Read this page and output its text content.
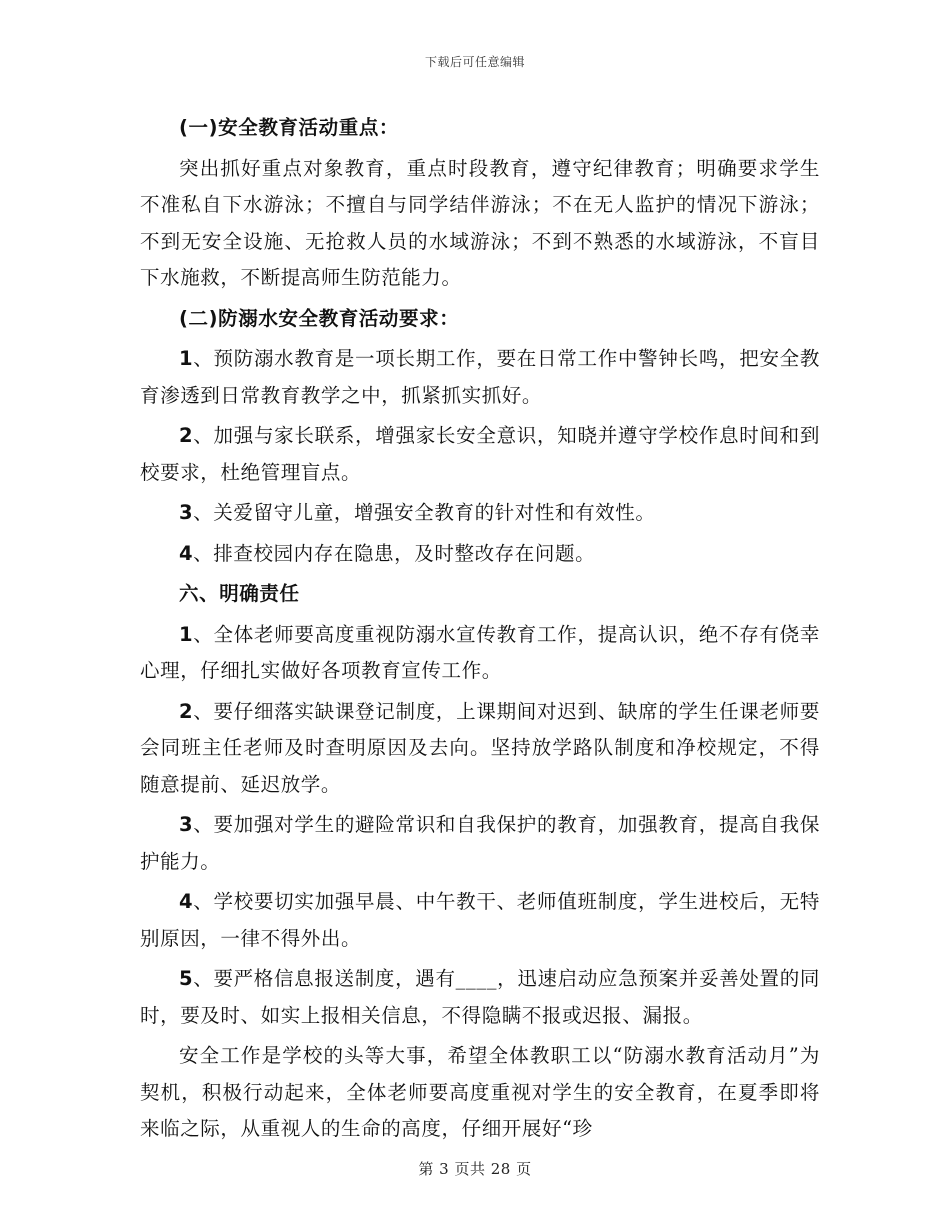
下载后可任意编辑

(一)安全教育活动重点：

突出抓好重点对象教育，重点时段教育，遵守纪律教育；明确要求学生不准私自下水游泳；不擅自与同学结伴游泳；不在无人监护的情况下游泳；不到无安全设施、无抢救人员的水域游泳；不到不熟悉的水域游泳，不盲目下水施救，不断提高师生防范能力。

(二)防溺水安全教育活动要求：

1、预防溺水教育是一项长期工作，要在日常工作中警钟长鸣，把安全教育渗透到日常教育教学之中，抓紧抓实抓好。

2、加强与家长联系，增强家长安全意识，知晓并遵守学校作息时间和到校要求，杜绝管理盲点。

3、关爱留守儿童，增强安全教育的针对性和有效性。

4、排查校园内存在隐患，及时整改存在问题。

六、明确责任

1、全体老师要高度重视防溺水宣传教育工作，提高认识，绝不存有侥幸心理，仔细扎实做好各项教育宣传工作。

2、要仔细落实缺课登记制度，上课期间对迟到、缺席的学生任课老师要会同班主任老师及时查明原因及去向。坚持放学路队制度和净校规定，不得随意提前、延迟放学。

3、要加强对学生的避险常识和自我保护的教育，加强教育，提高自我保护能力。

4、学校要切实加强早晨、中午教干、老师值班制度，学生进校后，无特别原因，一律不得外出。

5、要严格信息报送制度，遇有____，迅速启动应急预案并妥善处置的同时，要及时、如实上报相关信息，不得隐瞒不报或迟报、漏报。

安全工作是学校的头等大事，希望全体教职工以“防溺水教育活动月”为契机，积极行动起来，全体老师要高度重视对学生的安全教育，在夏季即将来临之际，从重视人的生命的高度，仔细开展好“珍

第 3 页共 28 页
